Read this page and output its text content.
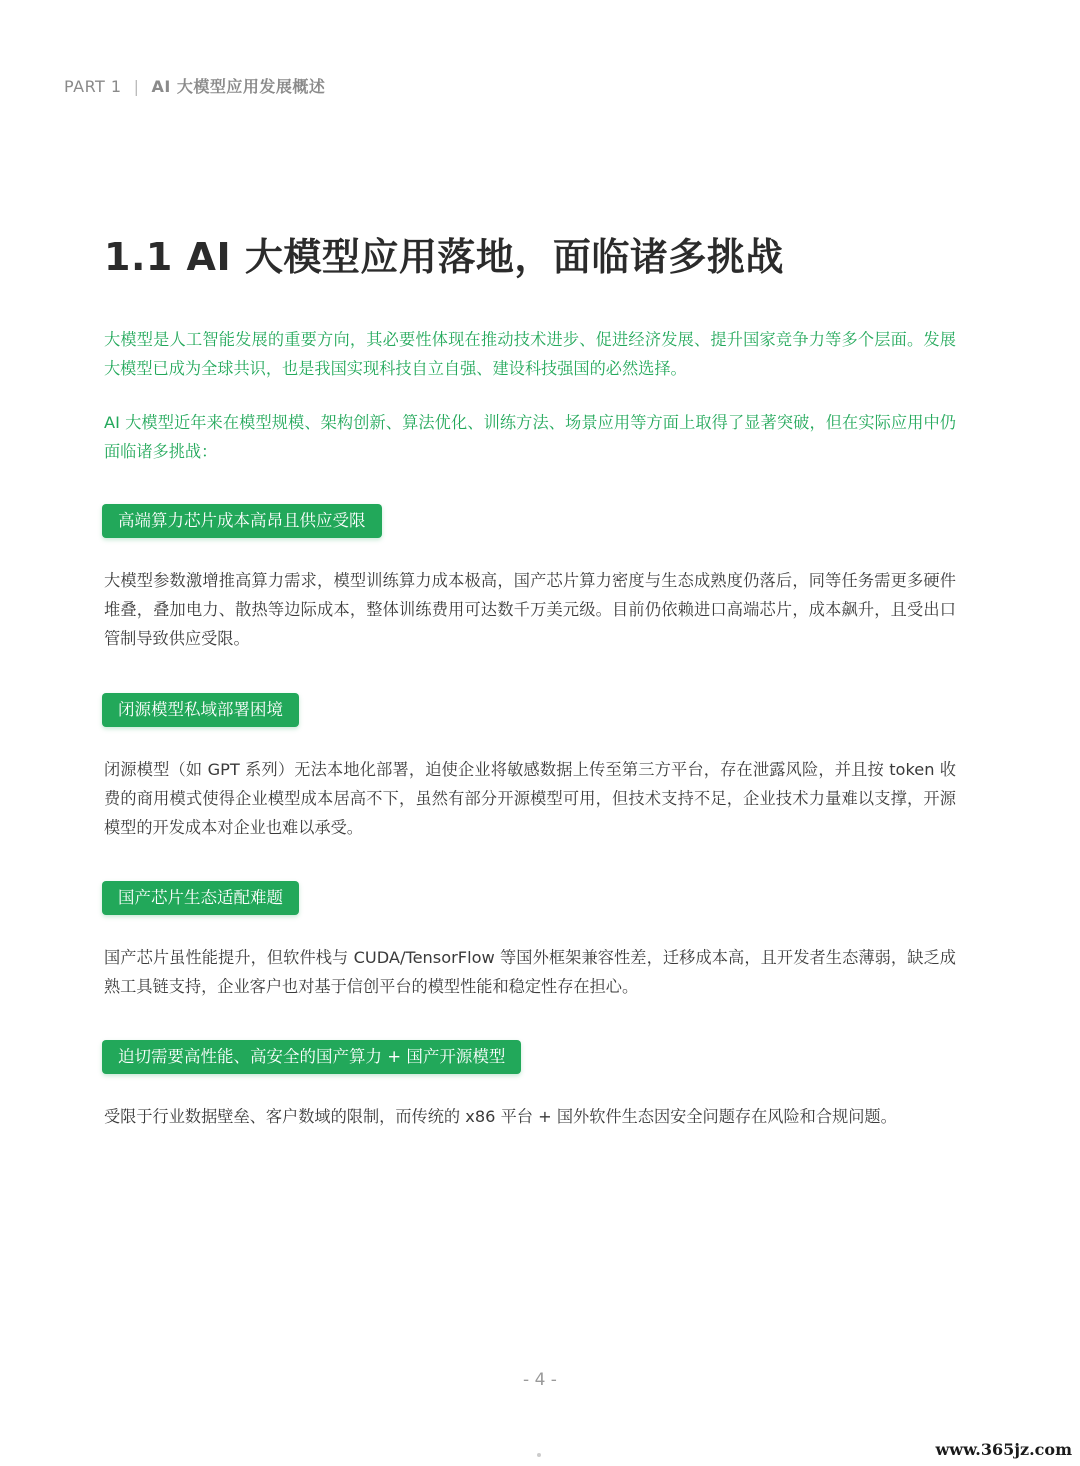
PART 1 | AI 大模型应用发展概述
1.1 AI 大模型应用落地，面临诸多挑战

大模型是人工智能发展的重要方向，其必要性体现在推动技术进步、促进经济发展、提升国家竞争力等多个层面。发展大模型已成为全球共识，也是我国实现科技自立自强、建设科技强国的必然选择。

AI 大模型近年来在模型规模、架构创新、算法优化、训练方法、场景应用等方面上取得了显著突破，但在实际应用中仍面临诸多挑战：

高端算力芯片成本高昂且供应受限

大模型参数激增推高算力需求，模型训练算力成本极高，国产芯片算力密度与生态成熟度仍落后，同等任务需更多硬件堆叠，叠加电力、散热等边际成本，整体训练费用可达数千万美元级。目前仍依赖进口高端芯片，成本飙升，且受出口管制导致供应受限。

闭源模型私域部署困境

闭源模型（如 GPT 系列）无法本地化部署，迫使企业将敏感数据上传至第三方平台，存在泄露风险，并且按 token 收费的商用模式使得企业模型成本居高不下，虽然有部分开源模型可用，但技术支持不足，企业技术力量难以支撑，开源模型的开发成本对企业也难以承受。

国产芯片生态适配难题

国产芯片虽性能提升，但软件栈与 CUDA/TensorFlow 等国外框架兼容性差，迁移成本高，且开发者生态薄弱，缺乏成熟工具链支持，企业客户也对基于信创平台的模型性能和稳定性存在担心。

迫切需要高性能、高安全的国产算力 + 国产开源模型

受限于行业数据壁垒、客户数域的限制，而传统的 x86 平台 + 国外软件生态因安全问题存在风险和合规问题。

- 4 -
www.365jz.com
